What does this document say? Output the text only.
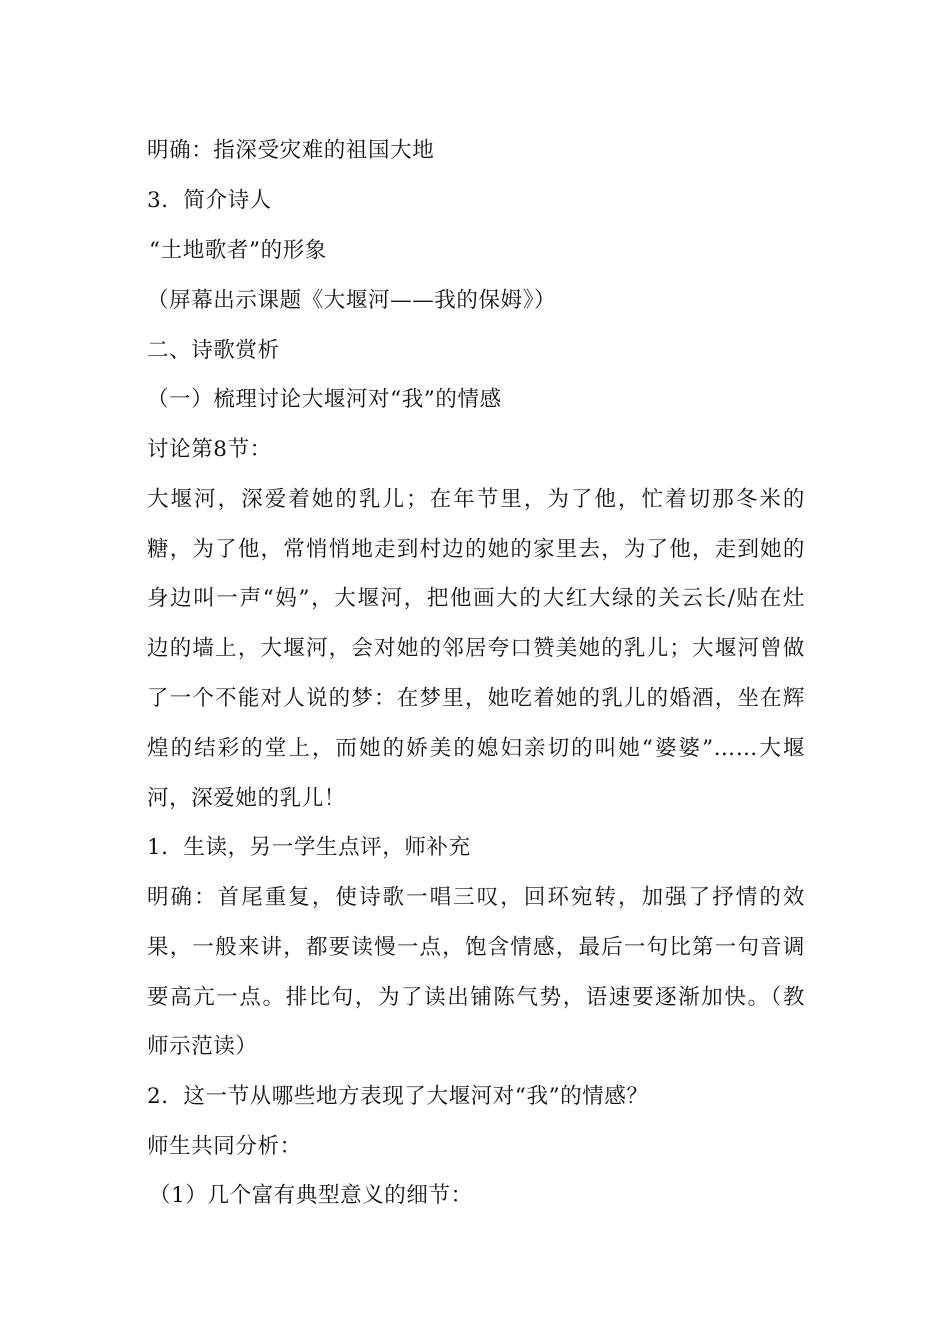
明确：指深受灾难的祖国大地
3．简介诗人
“土地歌者”的形象
（屏幕出示课题《大堰河——我的保姆》）
二、诗歌赏析
（一）梳理讨论大堰河对“我”的情感
讨论第8节：
大堰河，深爱着她的乳儿；在年节里，为了他，忙着切那冬米的
糖，为了他，常悄悄地走到村边的她的家里去，为了他，走到她的
身边叫一声“妈”，大堰河，把他画大的大红大绿的关云长/贴在灶
边的墙上，大堰河，会对她的邻居夸口赞美她的乳儿；大堰河曾做
了一个不能对人说的梦：在梦里，她吃着她的乳儿的婚酒，坐在辉
煌的结彩的堂上，而她的娇美的媳妇亲切的叫她“婆婆”……大堰
河，深爱她的乳儿！
1．生读，另一学生点评，师补充
明确：首尾重复，使诗歌一唱三叹，回环宛转，加强了抒情的效
果，一般来讲，都要读慢一点，饱含情感，最后一句比第一句音调
要高亢一点。排比句，为了读出铺陈气势，语速要逐渐加快。（教
师示范读）
2．这一节从哪些地方表现了大堰河对“我”的情感？
师生共同分析：
（1）几个富有典型意义的细节：
